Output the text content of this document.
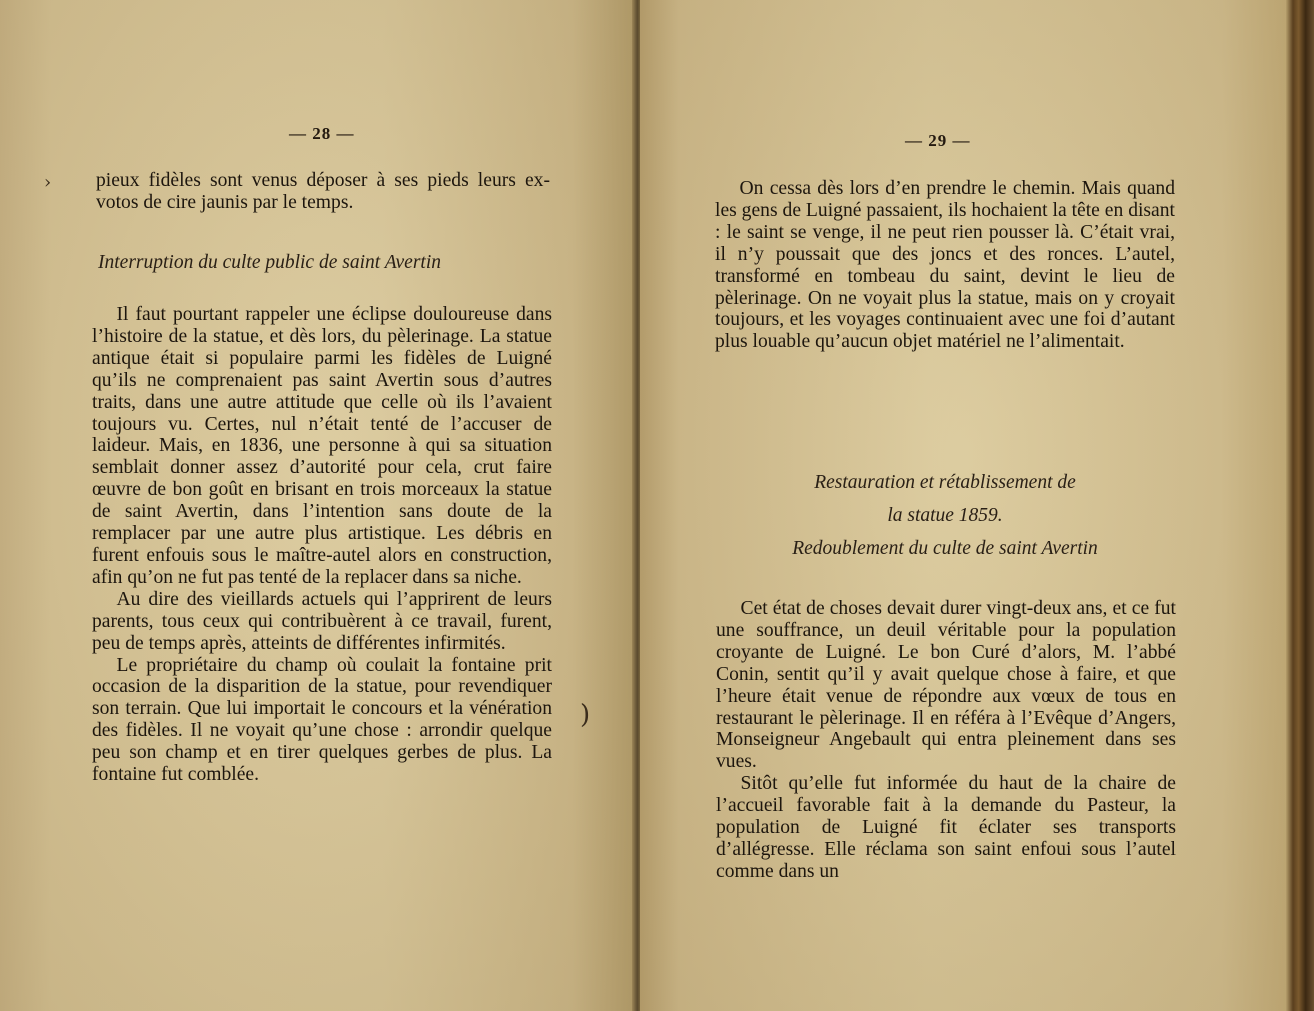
— 28 —

pieux fidèles sont venus déposer à ses pieds leurs ex-votos de cire jaunis par le temps.

Interruption du culte public de saint Avertin

Il faut pourtant rappeler une éclipse douloureuse dans l’histoire de la statue, et dès lors, du pèlerinage. La statue antique était si populaire parmi les fidèles de Luigné qu’ils ne comprenaient pas saint Avertin sous d’autres traits, dans une autre attitude que celle où ils l’avaient toujours vu. Certes, nul n’était tenté de l’accuser de laideur. Mais, en 1836, une personne à qui sa situation semblait donner assez d’autorité pour cela, crut faire œuvre de bon goût en brisant en trois morceaux la statue de saint Avertin, dans l’intention sans doute de la remplacer par une autre plus artistique. Les débris en furent enfouis sous le maître-autel alors en construction, afin qu’on ne fut pas tenté de la replacer dans sa niche.

Au dire des vieillards actuels qui l’apprirent de leurs parents, tous ceux qui contribuèrent à ce travail, furent, peu de temps après, atteints de différentes infirmités.

Le propriétaire du champ où coulait la fontaine prit occasion de la disparition de la statue, pour revendiquer son terrain. Que lui importait le concours et la vénération des fidèles. Il ne voyait qu’une chose : arrondir quelque peu son champ et en tirer quelques gerbes de plus. La fontaine fut comblée.

›
)
— 29 —

On cessa dès lors d’en prendre le chemin. Mais quand les gens de Luigné passaient, ils hochaient la tête en disant : le saint se venge, il ne peut rien pousser là. C’était vrai, il n’y poussait que des joncs et des ronces. L’autel, transformé en tombeau du saint, devint le lieu de pèlerinage. On ne voyait plus la statue, mais on y croyait toujours, et les voyages continuaient avec une foi d’autant plus louable qu’aucun objet matériel ne l’alimentait.

Restauration et rétablissement de
la statue 1859.
Redoublement du culte de saint Avertin

Cet état de choses devait durer vingt-deux ans, et ce fut une souffrance, un deuil véritable pour la population croyante de Luigné. Le bon Curé d’alors, M. l’abbé Conin, sentit qu’il y avait quelque chose à faire, et que l’heure était venue de répondre aux vœux de tous en restaurant le pèlerinage. Il en référa à l’Evêque d’Angers, Monseigneur Angebault qui entra pleinement dans ses vues.

Sitôt qu’elle fut informée du haut de la chaire de l’accueil favorable fait à la demande du Pasteur, la population de Luigné fit éclater ses transports d’allégresse. Elle réclama son saint enfoui sous l’autel comme dans un
